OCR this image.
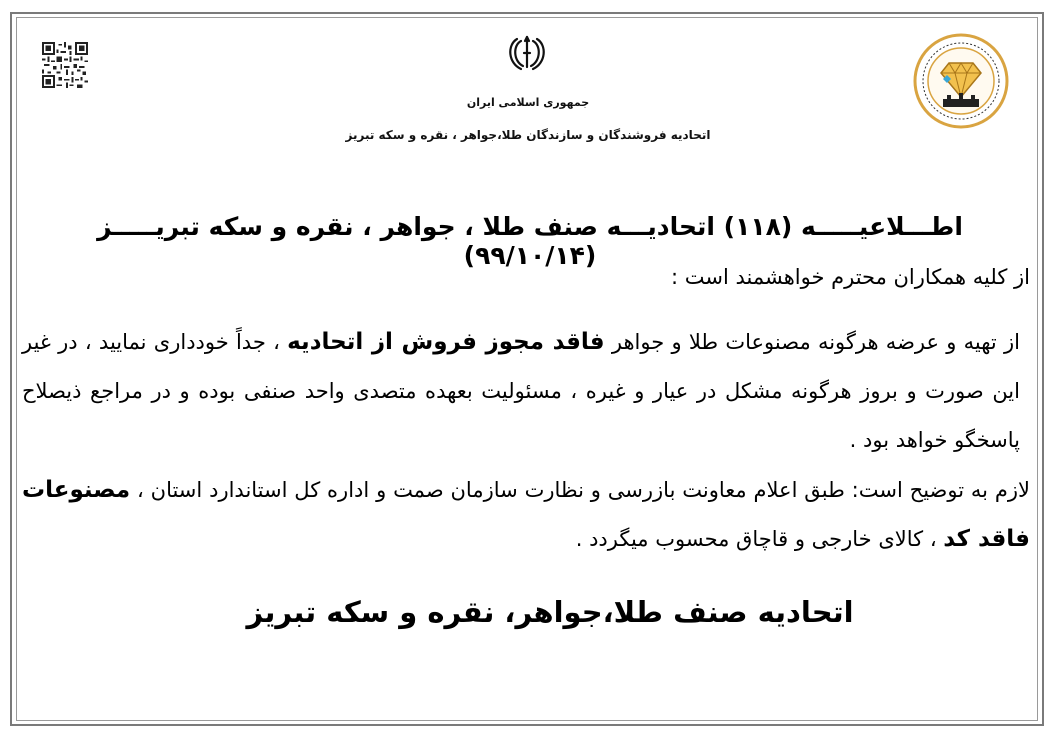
جمهوری اسلامی ایران
اتحادیه فروشندگان و سازندگان طلا،جواهر ، نقره و سکه تبریز
اطـــلاعیـــــه (۱۱۸) اتحادیـــه صنف طلا ، جواهر ، نقره و سکه تبریـــــز (۹۹/۱۰/۱۴)
از کلیه همکاران محترم خواهشمند است :
از تهیه و عرضه هرگونه مصنوعات طلا و جواهر فاقد مجوز فروش از اتحادیه ، جداً خودداری نمایید ، در غیر این صورت و بروز هرگونه مشکل در عیار و غیره ، مسئولیت بعهده متصدی واحد صنفی بوده و در مراجع ذیصلاح پاسخگو خواهد بود .
لازم به توضیح است: طبق اعلام معاونت بازرسی و نظارت سازمان صمت و اداره کل استاندارد استان ، مصنوعات فاقد کد ، کالای خارجی و قاچاق محسوب میگردد .
اتحادیه صنف طلا،جواهر، نقره و سکه تبریز
